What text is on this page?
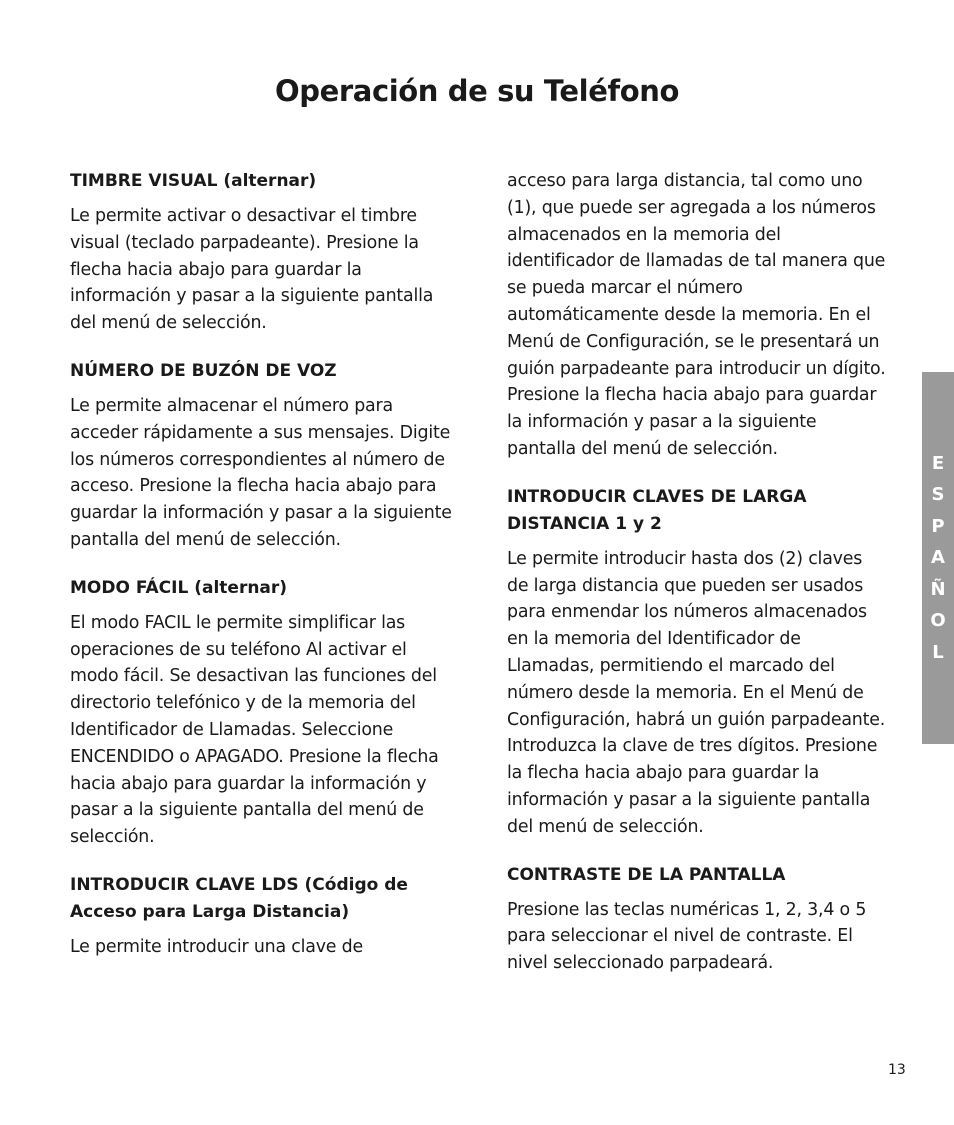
Operación de su Teléfono
TIMBRE VISUAL (alternar)

Le permite activar o desactivar el timbre visual (teclado parpadeante). Presione la flecha hacia abajo para guardar la información y pasar a la siguiente pantalla del menú de selección.

NÚMERO DE BUZÓN DE VOZ

Le permite almacenar el número para acceder rápidamente a sus mensajes. Digite los números correspondientes al número de acceso. Presione la flecha hacia abajo para guardar la información y pasar a la siguiente pantalla del menú de selección.

MODO FÁCIL (alternar)

El modo FACIL le permite simplificar las operaciones de su teléfono Al activar el modo fácil. Se desactivan las funciones del directorio telefónico y de la memoria del Identificador de Llamadas. Seleccione ENCENDIDO o APAGADO. Presione la flecha hacia abajo para guardar la información y pasar a la siguiente pantalla del menú de selección.

INTRODUCIR CLAVE LDS (Código de Acceso para Larga Distancia)

Le permite introducir una clave de

acceso para larga distancia, tal como uno (1), que puede ser agregada a los números almacenados en la memoria del identificador de llamadas de tal manera que se pueda marcar el número automáticamente desde la memoria. En el Menú de Configuración, se le presentará un guión parpadeante para introducir un dígito. Presione la flecha hacia abajo para guardar la información y pasar a la siguiente pantalla del menú de selección.

INTRODUCIR CLAVES DE LARGA DISTANCIA 1 y 2

Le permite introducir hasta dos (2) claves de larga distancia que pueden ser usados para enmendar los números almacenados en la memoria del Identificador de Llamadas, permitiendo el marcado del número desde la memoria. En el Menú de Configuración, habrá un guión parpadeante. Introduzca la clave de tres dígitos. Presione la flecha hacia abajo para guardar la información y pasar a la siguiente pantalla del menú de selección.

CONTRASTE DE LA PANTALLA

Presione las teclas numéricas 1, 2, 3,4 o 5 para seleccionar el nivel de contraste. El nivel seleccionado parpadeará.

E
S
P
A
Ñ
O
L
13
